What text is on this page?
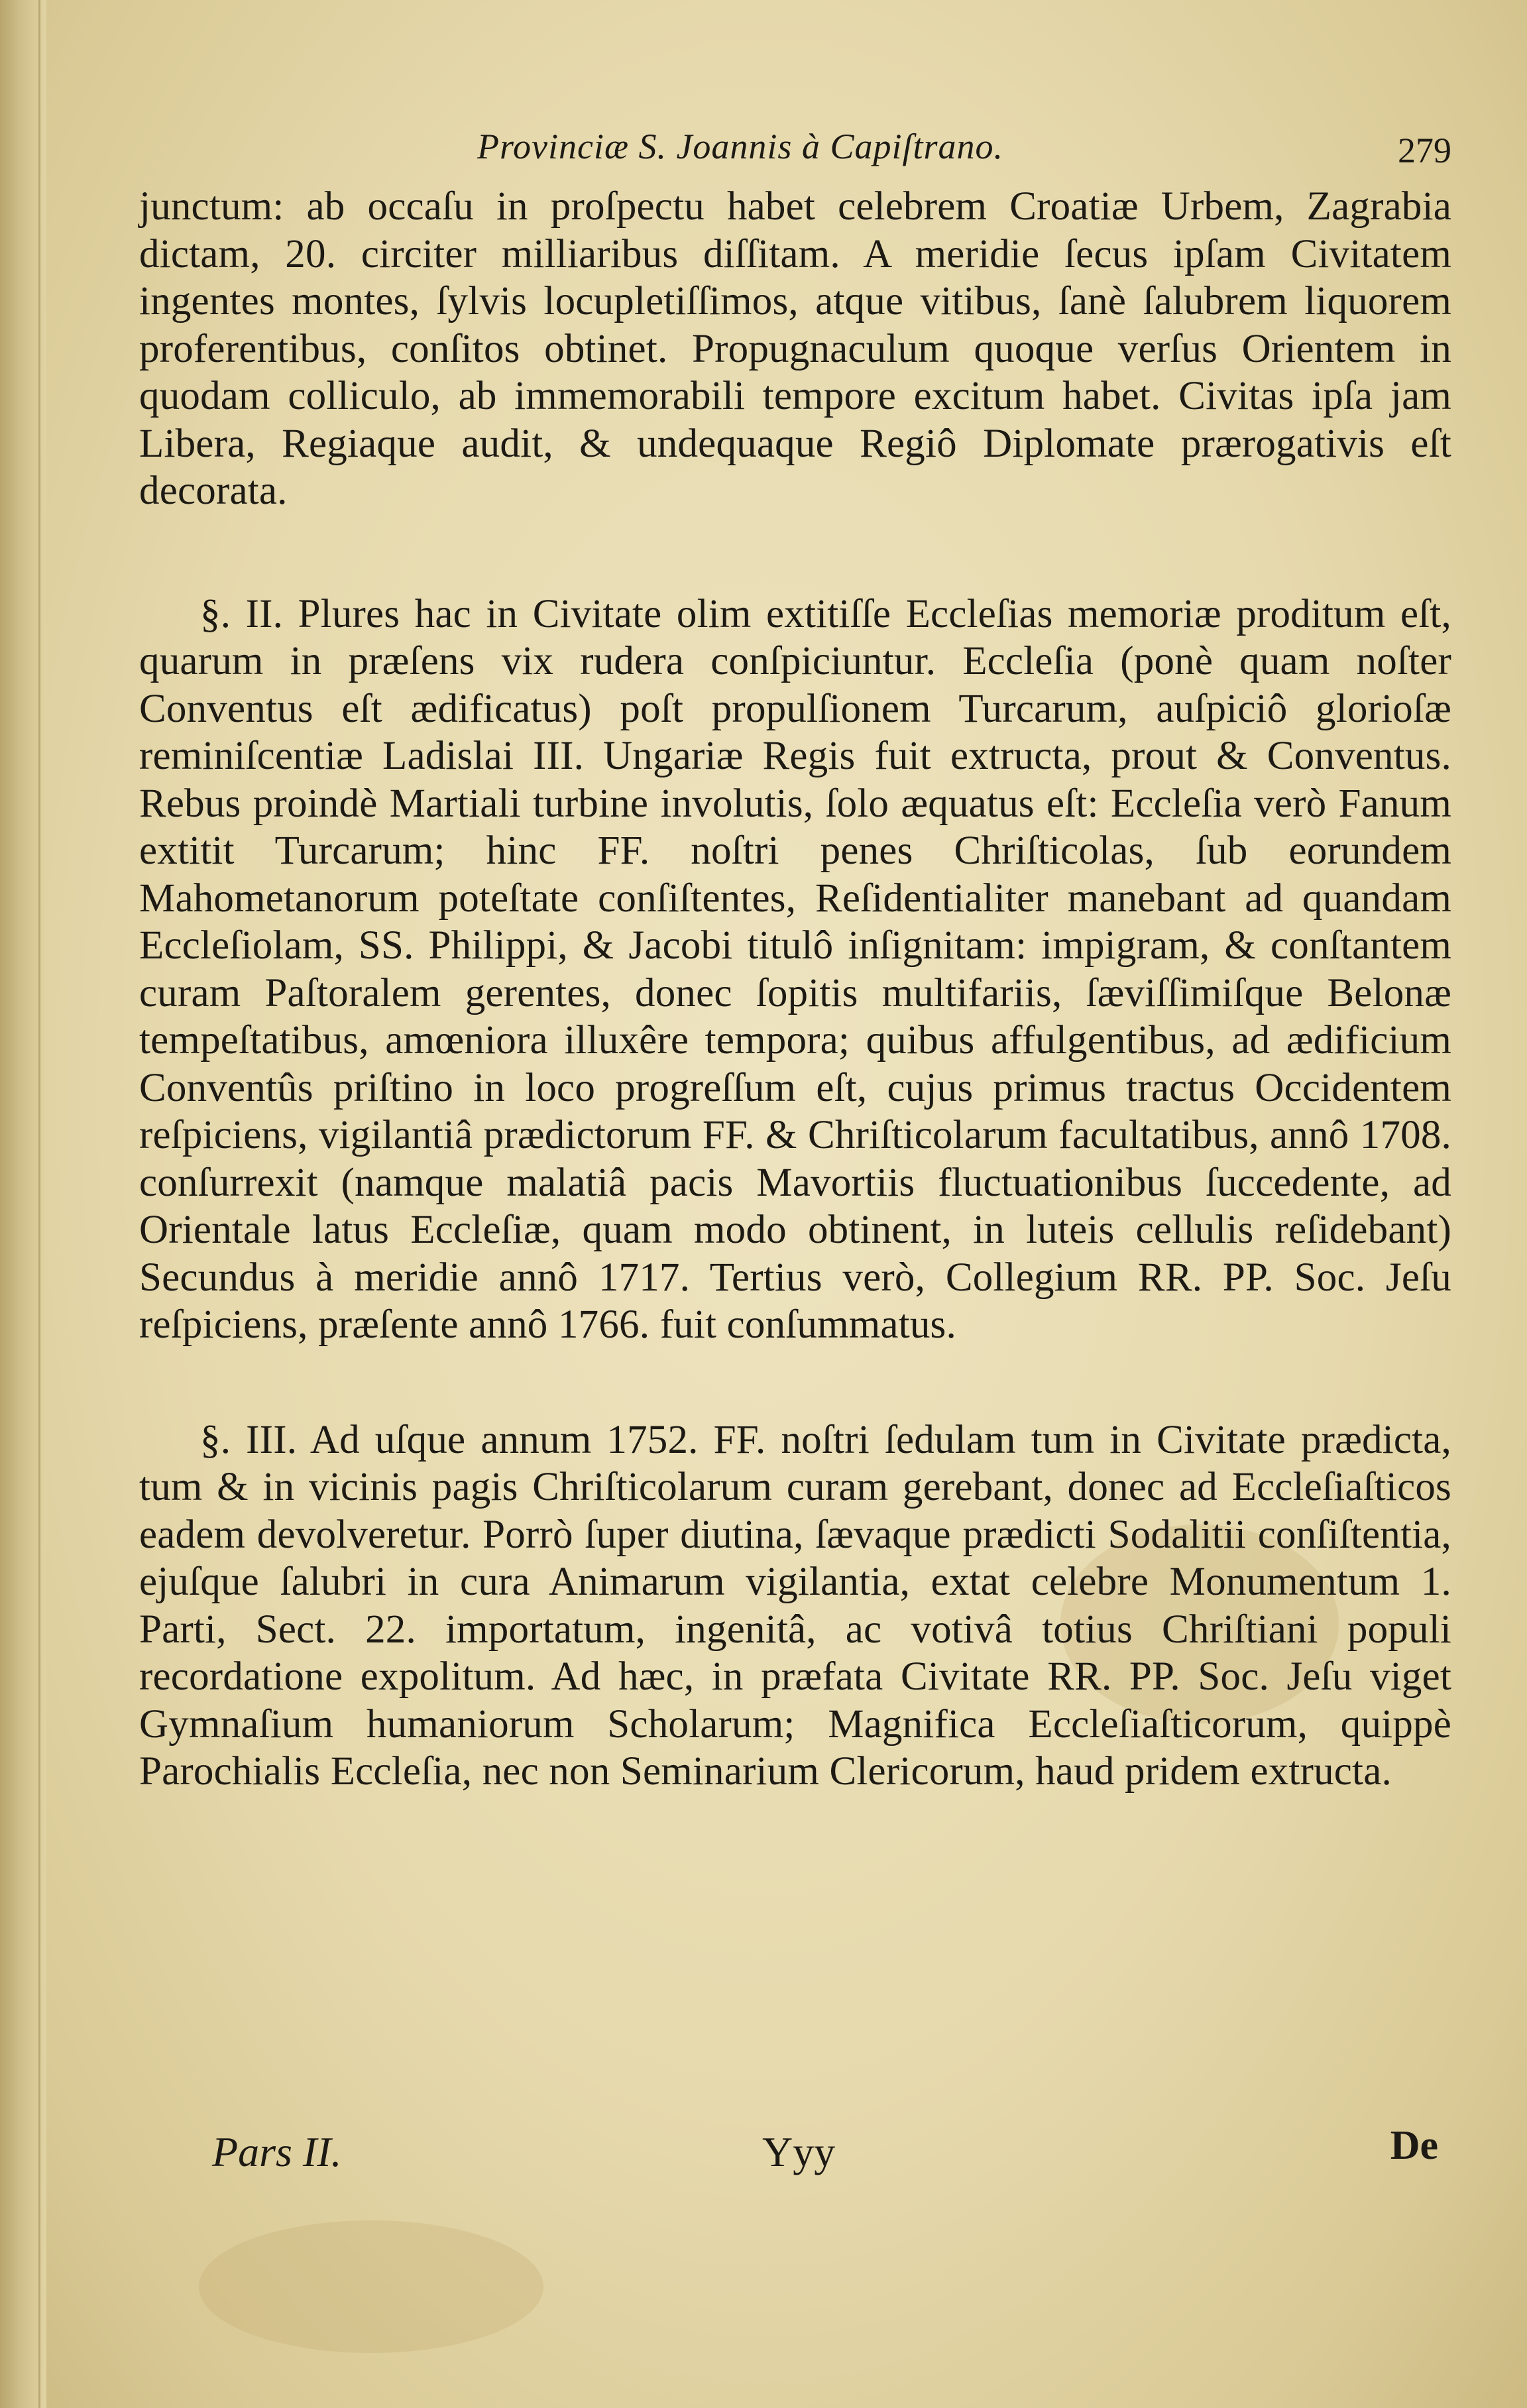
Provinciæ S. Joannis à Capiſtrano.	279

junctum: ab occaſu in proſpectu habet celebrem Croatiæ Urbem, Zagrabia dictam, 20. circiter milliaribus diſſitam. A meridie ſecus ipſam Civitatem ingentes montes, ſylvis locupletiſſimos, atque vitibus, ſanè ſalubrem liquorem proferentibus, conſitos obtinet. Propugnaculum quoque verſus Orientem in quodam colliculo, ab immemorabili tempore excitum habet. Civitas ipſa jam Libera, Regiaque audit, & undequaque Regiô Diplomate prærogativis eſt decorata.

§. II. Plures hac in Civitate olim extitiſſe Eccleſias memoriæ proditum eſt, quarum in præſens vix rudera conſpiciuntur. Eccleſia (ponè quam noſter Conventus eſt ædificatus) poſt propulſionem Turcarum, auſpiciô glorioſæ reminiſcentiæ Ladislai III. Ungariæ Regis fuit extructa, prout & Conventus. Rebus proindè Martiali turbine involutis, ſolo æquatus eſt: Eccleſia verò Fanum extitit Turcarum; hinc FF. noſtri penes Chriſticolas, ſub eorundem Mahometanorum poteſtate conſiſtentes, Reſidentialiter manebant ad quandam Eccleſiolam, SS. Philippi, & Jacobi titulô inſignitam: impigram, & conſtantem curam Paſtoralem gerentes, donec ſopitis multifariis, ſæviſſimiſque Belonæ tempeſtatibus, amœniora illuxêre tempora; quibus affulgentibus, ad ædificium Conventûs priſtino in loco progreſſum eſt, cujus primus tractus Occidentem reſpiciens, vigilantiâ prædictorum FF. & Chriſticolarum facultatibus, annô 1708. conſurrexit (namque malatiâ pacis Mavortiis fluctuationibus ſuccedente, ad Orientale latus Eccleſiæ, quam modo obtinent, in luteis cellulis reſidebant) Secundus à meridie annô 1717. Tertius verò, Collegium RR. PP. Soc. Jeſu reſpiciens, præſente annô 1766. fuit conſummatus.

§. III. Ad uſque annum 1752. FF. noſtri ſedulam tum in Civitate prædicta, tum & in vicinis pagis Chriſticolarum curam gerebant, donec ad Eccleſiaſticos eadem devolveretur. Porrò ſuper diutina, ſævaque prædicti Sodalitii conſiſtentia, ejuſque ſalubri in cura Animarum vigilantia, extat celebre Monumentum 1. Parti, Sect. 22. importatum, ingenitâ, ac votivâ totius Chriſtiani populi recordatione expolitum. Ad hæc, in præfata Civitate RR. PP. Soc. Jeſu viget Gymnaſium humaniorum Scholarum; Magnifica Eccleſiaſticorum, quippè Parochialis Eccleſia, nec non Seminarium Clericorum, haud pridem extructa.

Pars II.	Yyy	De
